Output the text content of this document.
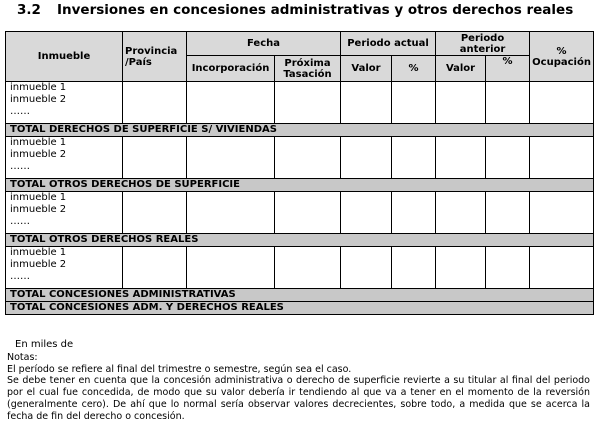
3.2 Inversiones en concesiones administrativas y otros derechos reales
Inmueble	Provincia /País	Fecha		Periodo actual		Periodo anterior		% Ocupación
		Incorporación	Próxima Tasación	Valor	%	Valor	%	

inmueble 1
inmueble 2
……								

TOTAL DERECHOS DE SUPERFICIE S/ VIVIENDAS								

inmueble 1
inmueble 2
……								

TOTAL OTROS DERECHOS DE SUPERFICIE								

inmueble 1
inmueble 2
……								

TOTAL OTROS DERECHOS REALES								

inmueble 1
inmueble 2
……								

TOTAL CONCESIONES ADMINISTRATIVAS								
TOTAL CONCESIONES ADM. Y DERECHOS REALES								
En miles de

Notas:

El período se refiere al final del trimestre o semestre, según sea el caso.

Se debe tener en cuenta que la concesión administrativa o derecho de superficie revierte a su titular al final del periodo por el cual fue concedida, de modo que su valor debería ir tendiendo al que va a tener en el momento de la reversión (generalmente cero). De ahí que lo normal sería observar valores decrecientes, sobre todo, a medida que se acerca la fecha de fin del derecho o concesión.
